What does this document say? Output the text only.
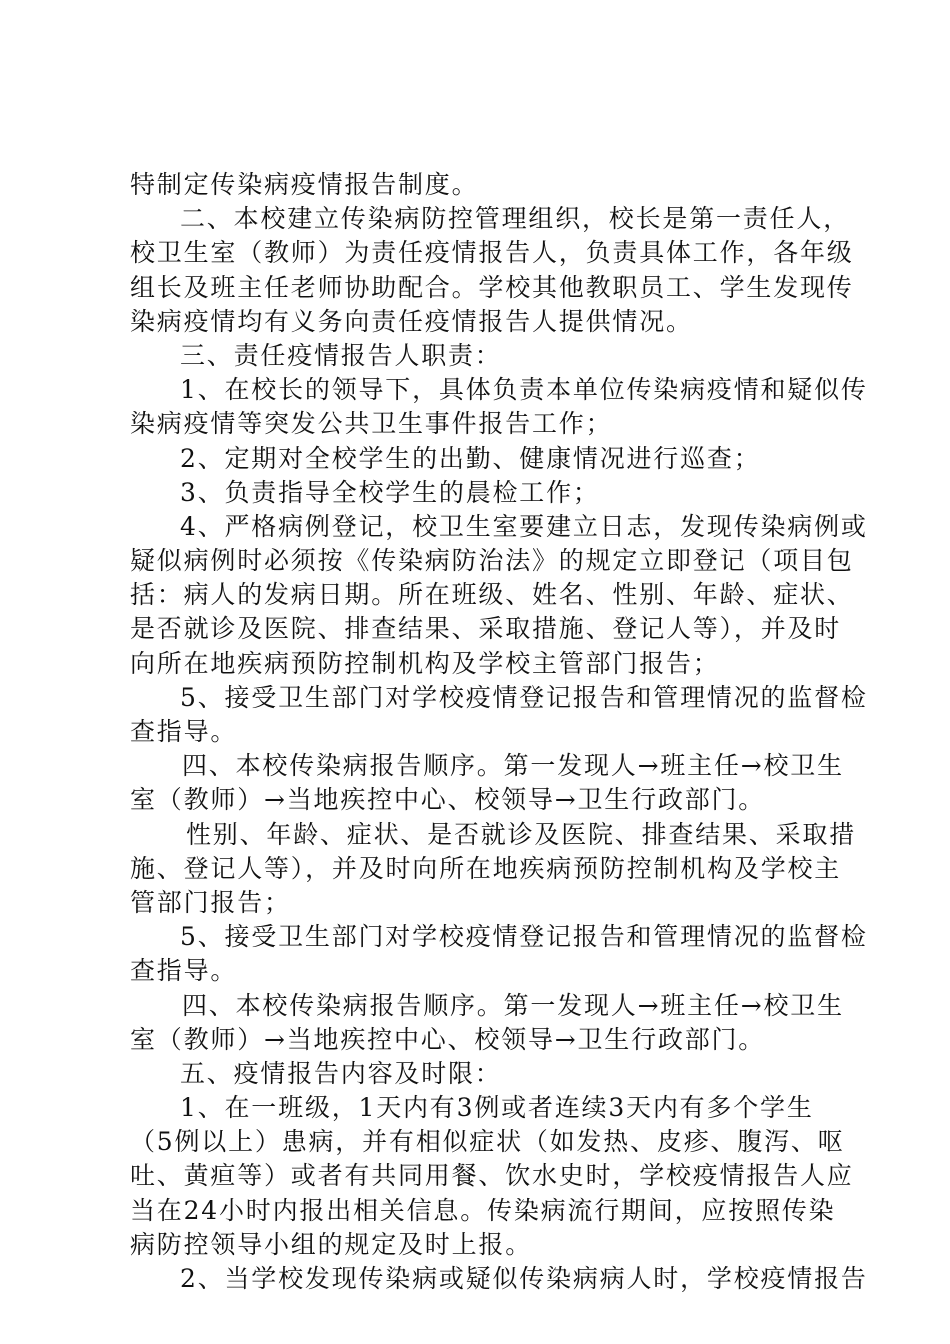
特制定传染病疫情报告制度。
二、本校建立传染病防控管理组织，校长是第一责任人，
校卫生室（教师）为责任疫情报告人，负责具体工作，各年级
组长及班主任老师协助配合。学校其他教职员工、学生发现传
染病疫情均有义务向责任疫情报告人提供情况。
三、责任疫情报告人职责：
1、在校长的领导下，具体负责本单位传染病疫情和疑似传
染病疫情等突发公共卫生事件报告工作；
2、定期对全校学生的出勤、健康情况进行巡查；
3、负责指导全校学生的晨检工作；
4、严格病例登记，校卫生室要建立日志，发现传染病例或
疑似病例时必须按《传染病防治法》的规定立即登记（项目包
括：病人的发病日期。所在班级、姓名、性别、年龄、症状、
是否就诊及医院、排查结果、采取措施、登记人等），并及时
向所在地疾病预防控制机构及学校主管部门报告；
5、接受卫生部门对学校疫情登记报告和管理情况的监督检
查指导。
四、本校传染病报告顺序。第一发现人→班主任→校卫生
室（教师）→当地疾控中心、校领导→卫生行政部门。
性别、年龄、症状、是否就诊及医院、排查结果、采取措
施、登记人等），并及时向所在地疾病预防控制机构及学校主
管部门报告；
5、接受卫生部门对学校疫情登记报告和管理情况的监督检
查指导。
四、本校传染病报告顺序。第一发现人→班主任→校卫生
室（教师）→当地疾控中心、校领导→卫生行政部门。
五、疫情报告内容及时限：
1、在一班级，1天内有3例或者连续3天内有多个学生
（5例以上）患病，并有相似症状（如发热、皮疹、腹泻、呕
吐、黄疸等）或者有共同用餐、饮水史时，学校疫情报告人应
当在24小时内报出相关信息。传染病流行期间，应按照传染
病防控领导小组的规定及时上报。
2、当学校发现传染病或疑似传染病病人时，学校疫情报告
